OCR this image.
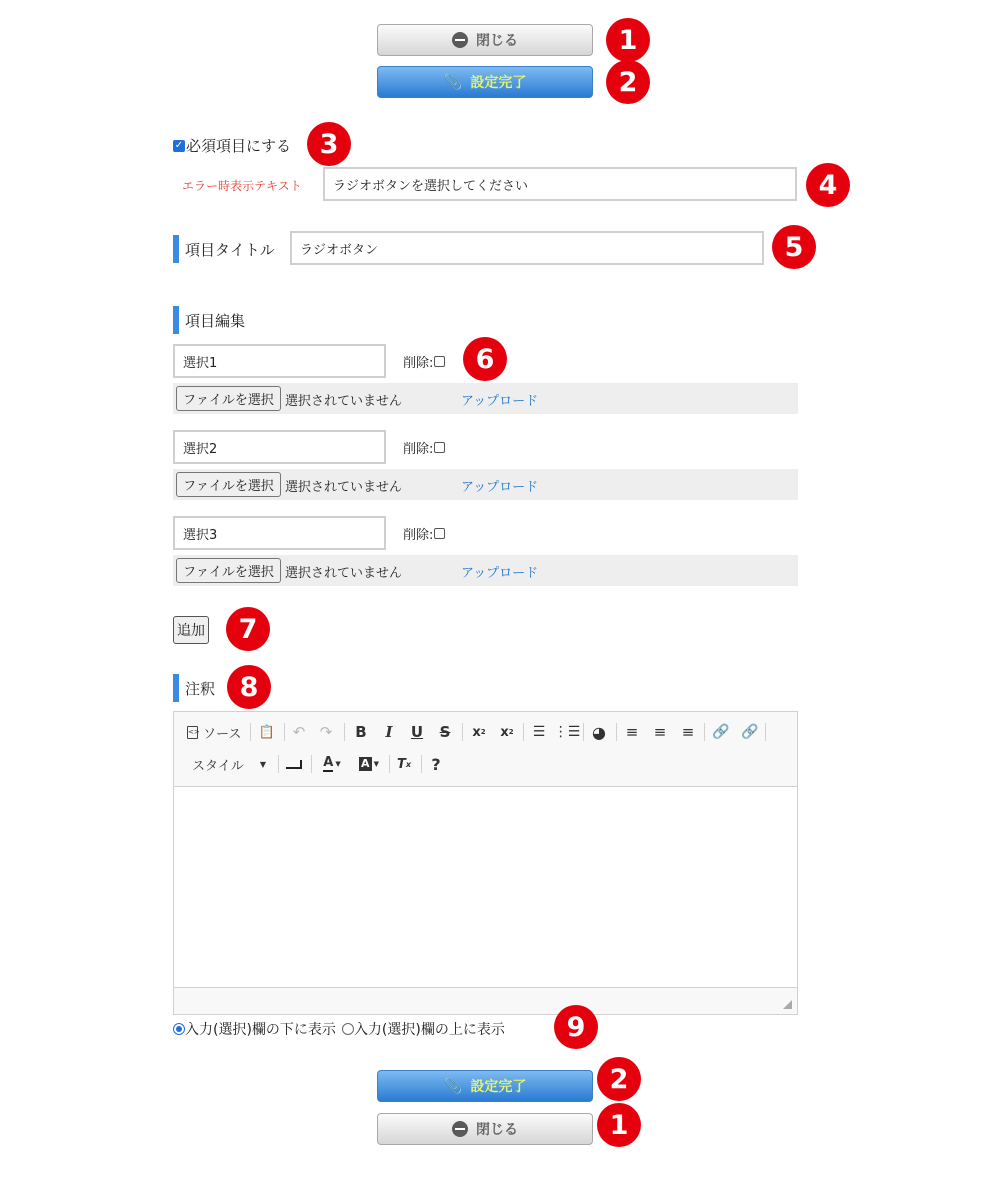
閉じる	1
📎 設定完了	2
✓ 必須項目にする	3
エラー時表示テキスト	ラジオボタンを選択してください	4
項目タイトル	ラジオボタン	5
項目編集
選択1	削除:	6
ファイルを選択 選択されていません	アップロード
選択2	削除:
ファイルを選択 選択されていません	アップロード
選択3	削除:
ファイルを選択 選択されていません	アップロード
追加	7
注釈 8
<> ソース 📋 ↶ ↷ B	I	U	S	x 2	x 2	☰ ⋮☰ ◕	≡	≡	≡	🔗 🔗
スタイル ▼	A ▼ A ▼	T x	?
入力(選択)欄の下に表示 入力(選択)欄の上に表示	9
📎 設定完了	2
閉じる	1
